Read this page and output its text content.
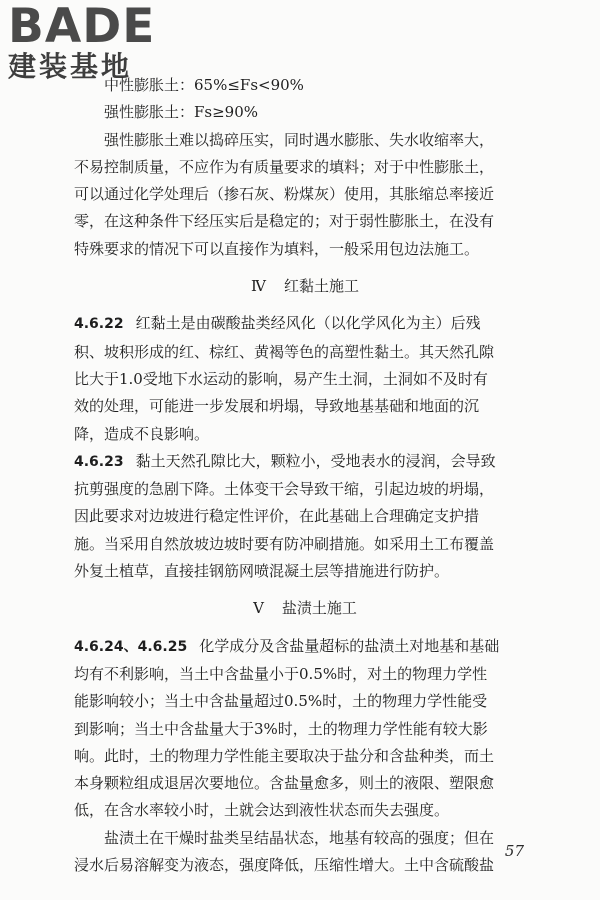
BADE
建装基地
中性膨胀土：65%≤Fs<90%
强性膨胀土：Fs≥90%
强性膨胀土难以捣碎压实，同时遇水膨胀、失水收缩率大，
不易控制质量，不应作为有质量要求的填料；对于中性膨胀土，
可以通过化学处理后（掺石灰、粉煤灰）使用，其胀缩总率接近
零，在这种条件下经压实后是稳定的；对于弱性膨胀土，在没有
特殊要求的情况下可以直接作为填料，一般采用包边法施工。
Ⅳ 红黏土施工
4.6.22 红黏土是由碳酸盐类经风化（以化学风化为主）后残
积、坡积形成的红、棕红、黄褐等色的高塑性黏土。其天然孔隙
比大于1.0受地下水运动的影响，易产生土洞，土洞如不及时有
效的处理，可能进一步发展和坍塌，导致地基基础和地面的沉
降，造成不良影响。
4.6.23 黏土天然孔隙比大，颗粒小，受地表水的浸润，会导致
抗剪强度的急剧下降。土体变干会导致干缩，引起边坡的坍塌，
因此要求对边坡进行稳定性评价，在此基础上合理确定支护措
施。当采用自然放坡边坡时要有防冲刷措施。如采用土工布覆盖
外复土植草，直接挂钢筋网喷混凝土层等措施进行防护。
Ⅴ 盐渍土施工
4.6.24、4.6.25 化学成分及含盐量超标的盐渍土对地基和基础
均有不利影响，当土中含盐量小于0.5%时，对土的物理力学性
能影响较小；当土中含盐量超过0.5%时，土的物理力学性能受
到影响；当土中含盐量大于3%时，土的物理力学性能有较大影
响。此时，土的物理力学性能主要取决于盐分和含盐种类，而土
本身颗粒组成退居次要地位。含盐量愈多，则土的液限、塑限愈
低，在含水率较小时，土就会达到液性状态而失去强度。
盐渍土在干燥时盐类呈结晶状态，地基有较高的强度；但在
浸水后易溶解变为液态，强度降低，压缩性增大。土中含硫酸盐
57
